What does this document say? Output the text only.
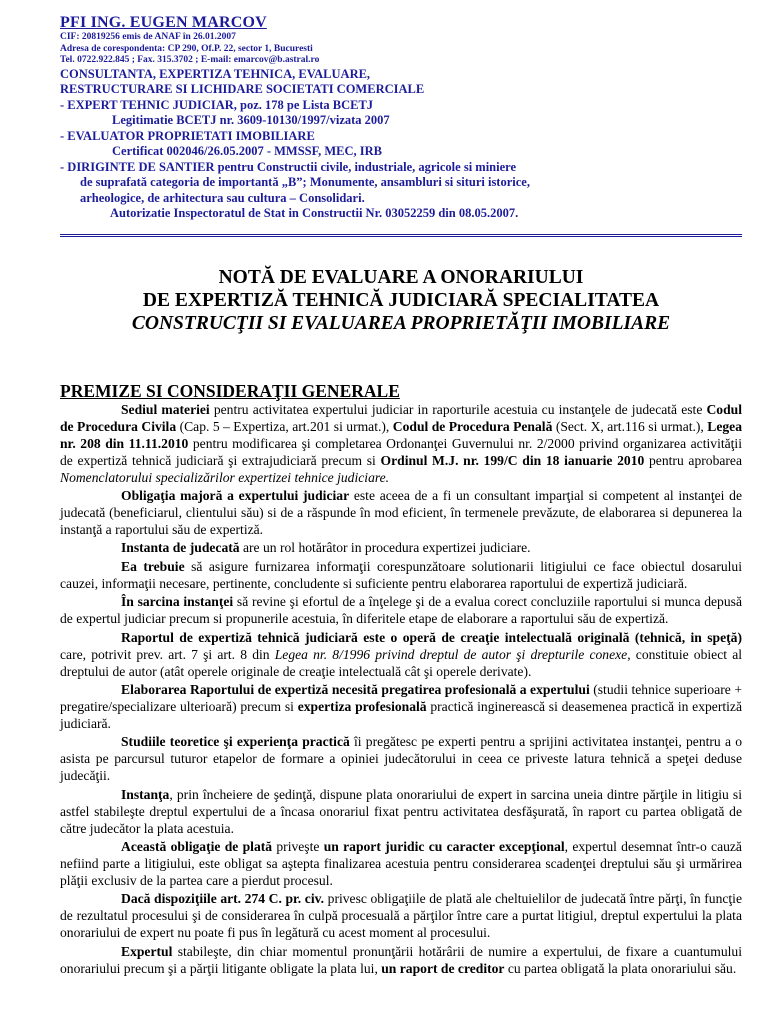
PFI ING. EUGEN MARCOV
CIF: 20819256 emis de ANAF în 26.01.2007
Adresa de corespondenta: CP 290, Of.P. 22, sector 1, Bucuresti
Tel. 0722.922.845 ; Fax. 315.3702 ; E-mail: emarcov@b.astral.ro
CONSULTANTA, EXPERTIZA TEHNICA, EVALUARE,
RESTRUCTURARE SI LICHIDARE SOCIETATI COMERCIALE
- EXPERT TEHNIC JUDICIAR, poz. 178 pe Lista BCETJ
Legitimatie BCETJ nr. 3609-10130/1997/vizata 2007
- EVALUATOR PROPRIETATI IMOBILIARE
Certificat 002046/26.05.2007 - MMSSF, MEC, IRB
- DIRIGINTE DE SANTIER pentru Constructii civile, industriale, agricole si miniere
de suprafată categoria de importantă „B”; Monumente, ansambluri si situri istorice,
arheologice, de arhitectura sau cultura – Consolidari.
Autorizatie Inspectoratul de Stat in Constructii Nr. 03052259 din 08.05.2007.
NOTĂ DE EVALUARE A ONORARIULUI
DE EXPERTIZĂ TEHNICĂ JUDICIARĂ SPECIALITATEA
CONSTRUCŢII SI EVALUAREA PROPRIETĂŢII IMOBILIARE
PREMIZE SI CONSIDERAŢII GENERALE

Sediul materiei pentru activitatea expertului judiciar in raporturile acestuia cu instanţele de judecată este Codul de Procedura Civila (Cap. 5 – Expertiza, art.201 si urmat.), Codul de Procedura Penală (Sect. X, art.116 si urmat.), Legea nr. 208 din 11.11.2010 pentru modificarea şi completarea Ordonanţei Guvernului nr. 2/2000 privind organizarea activităţii de expertiză tehnică judiciară şi extrajudiciară precum si Ordinul M.J. nr. 199/C din 18 ianuarie 2010 pentru aprobarea Nomenclatorului specializărilor expertizei tehnice judiciare.

Obligaţia majoră a expertului judiciar este aceea de a fi un consultant imparţial si competent al instanţei de judecată (beneficiarul, clientului său) si de a răspunde în mod eficient, în termenele prevăzute, de elaborarea si depunerea la instanţă a raportului său de expertiză.

Instanta de judecată are un rol hotărâtor in procedura expertizei judiciare.

Ea trebuie să asigure furnizarea informaţii corespunzătoare solutionarii litigiului ce face obiectul dosarului cauzei, informaţii necesare, pertinente, concludente si suficiente pentru elaborarea raportului de expertiză judiciară.

În sarcina instanţei să revine şi efortul de a înţelege şi de a evalua corect concluziile raportului si munca depusă de expertul judiciar precum si propunerile acestuia, în diferitele etape de elaborare a raportului său de expertiză.

Raportul de expertiză tehnică judiciară este o operă de creaţie intelectuală originală (tehnică, in speţă) care, potrivit prev. art. 7 şi art. 8 din Legea nr. 8/1996 privind dreptul de autor şi drepturile conexe, constituie obiect al dreptului de autor (atât operele originale de creaţie intelectuală cât şi operele derivate).

Elaborarea Raportului de expertiză necesită pregatirea profesională a expertului (studii tehnice superioare + pregatire/specializare ulterioară) precum si expertiza profesională practică inginerească si deasemenea practică in expertiză judiciară.

Studiile teoretice şi experienţa practică îi pregătesc pe experti pentru a sprijini activitatea instanţei, pentru a o asista pe parcursul tuturor etapelor de formare a opiniei judecătorului in ceea ce priveste latura tehnică a speţei deduse judecăţii.

Instanţa, prin încheiere de şedinţă, dispune plata onorariului de expert in sarcina uneia dintre părţile in litigiu si astfel stabileşte dreptul expertului de a încasa onorariul fixat pentru activitatea desfăşurată, în raport cu partea obligată de către judecător la plata acestuia.

Această obligaţie de plată priveşte un raport juridic cu caracter excepţional, expertul desemnat într-o cauză nefiind parte a litigiului, este obligat sa aştepta finalizarea acestuia pentru considerarea scadenţei dreptului său şi urmărirea plăţii exclusiv de la partea care a pierdut procesul.

Dacă dispoziţiile art. 274 C. pr. civ. privesc obligaţiile de plată ale cheltuielilor de judecată între părţi, în funcţie de rezultatul procesului şi de considerarea în culpă procesuală a părţilor între care a purtat litigiul, dreptul expertului la plata onorariului de expert nu poate fi pus în legătură cu acest moment al procesului.

Expertul stabileşte, din chiar momentul pronunţării hotărârii de numire a expertului, de fixare a cuantumului onorariului precum şi a părţii litigante obligate la plata lui, un raport de creditor cu partea obligată la plata onorariului său.
